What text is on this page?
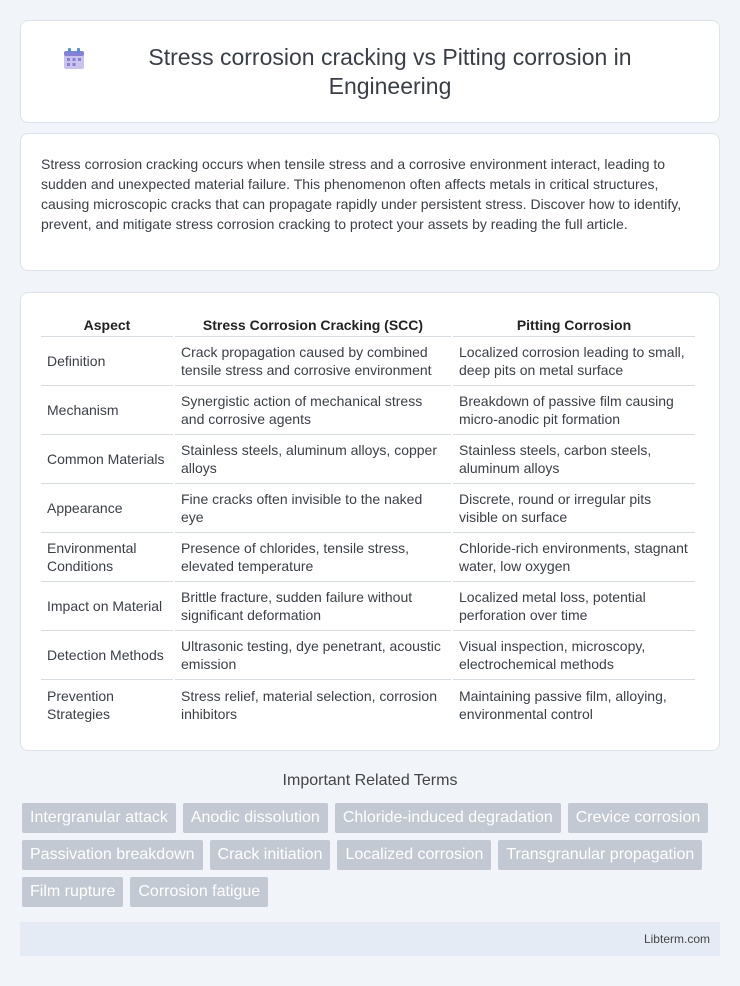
Stress corrosion cracking vs Pitting corrosion in Engineering

Stress corrosion cracking occurs when tensile stress and a corrosive environment interact, leading to sudden and unexpected material failure. This phenomenon often affects metals in critical structures, causing microscopic cracks that can propagate rapidly under persistent stress. Discover how to identify, prevent, and mitigate stress corrosion cracking to protect your assets by reading the full article.

Aspect	Stress Corrosion Cracking (SCC)	Pitting Corrosion
Definition	Crack propagation caused by combined tensile stress and corrosive environment	Localized corrosion leading to small, deep pits on metal surface
Mechanism	Synergistic action of mechanical stress and corrosive agents	Breakdown of passive film causing micro-anodic pit formation
Common Materials	Stainless steels, aluminum alloys, copper alloys	Stainless steels, carbon steels, aluminum alloys
Appearance	Fine cracks often invisible to the naked eye	Discrete, round or irregular pits visible on surface
Environmental Conditions	Presence of chlorides, tensile stress, elevated temperature	Chloride-rich environments, stagnant water, low oxygen
Impact on Material	Brittle fracture, sudden failure without significant deformation	Localized metal loss, potential perforation over time
Detection Methods	Ultrasonic testing, dye penetrant, acoustic emission	Visual inspection, microscopy, electrochemical methods
Prevention Strategies	Stress relief, material selection, corrosion inhibitors	Maintaining passive film, alloying, environmental control
Important Related Terms
Intergranular attack	Anodic dissolution	Chloride-induced degradation	Crevice corrosion
Passivation breakdown	Crack initiation	Localized corrosion	Transgranular propagation
Film rupture	Corrosion fatigue
Libterm.com
